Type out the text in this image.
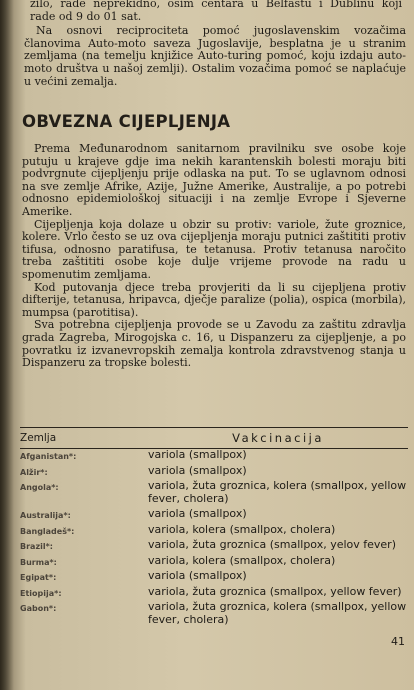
zilo, rade neprekidno, osim centara u Belfastu i Dublinu koji
rade od 9 do 01 sat.

Na osnovi reciprociteta pomoć jugoslavenskim vozačima članovima Auto-moto saveza Jugoslavije, besplatna je u stranim zemljama (na temelju knjižice Auto-turing pomoć, koju izdaju auto-moto društva u našoj zemlji). Ostalim vozačima pomoć se naplaćuje u većini zemalja.

OBVEZNA CIJEPLJENJA

Prema Međunarodnom sanitarnom pravilniku sve osobe koje putuju u krajeve gdje ima nekih karantenskih bolesti moraju biti podvrgnute cijepljenju prije odlaska na put. To se uglavnom odnosi na sve zemlje Afrike, Azije, Južne Amerike, Australije, a po potrebi odnosno epidemiološkoj situaciji i na zemlje Evrope i Sjeverne Amerike.

Cijepljenja koja dolaze u obzir su protiv: variole, žute groznice, kolere. Vrlo često se uz ova cijepljenja moraju putnici zaštititi protiv tifusa, odnosno paratifusa, te tetanusa. Protiv tetanusa naročito treba zaštititi osobe koje dulje vrijeme provode na radu u spomenutim zemljama.

Kod putovanja djece treba provjeriti da li su cijepljena protiv difterije, tetanusa, hripavca, dječje paralize (polia), ospica (morbila), mumpsa (parotitisa).

Sva potrebna cijepljenja provode se u Zavodu za zaštitu zdravlja grada Zagreba, Mirogojska c. 16, u Dispanzeru za cijepljenje, a po povratku iz izvanevropskih zemalja kontrola zdravstvenog stanja u Dispanzeru za tropske bolesti.

Zemlja	Vakcinacija
Afganistan*:	variola (smallpox)
Alžir*:	variola (smallpox)
Angola*:	variola, žuta groznica, kolera (smallpox, yellow fever, cholera)
Australija*:	variola (smallpox)
Bangladeš*:	variola, kolera (smallpox, cholera)
Brazil*:	variola, žuta groznica (smallpox, yelov fever)
Burma*:	variola, kolera (smallpox, cholera)
Egipat*:	variola (smallpox)
Etiopija*:	variola, žuta groznica (smallpox, yellow fever)
Gabon*:	variola, žuta groznica, kolera (smallpox, yellow fever, cholera)
41
